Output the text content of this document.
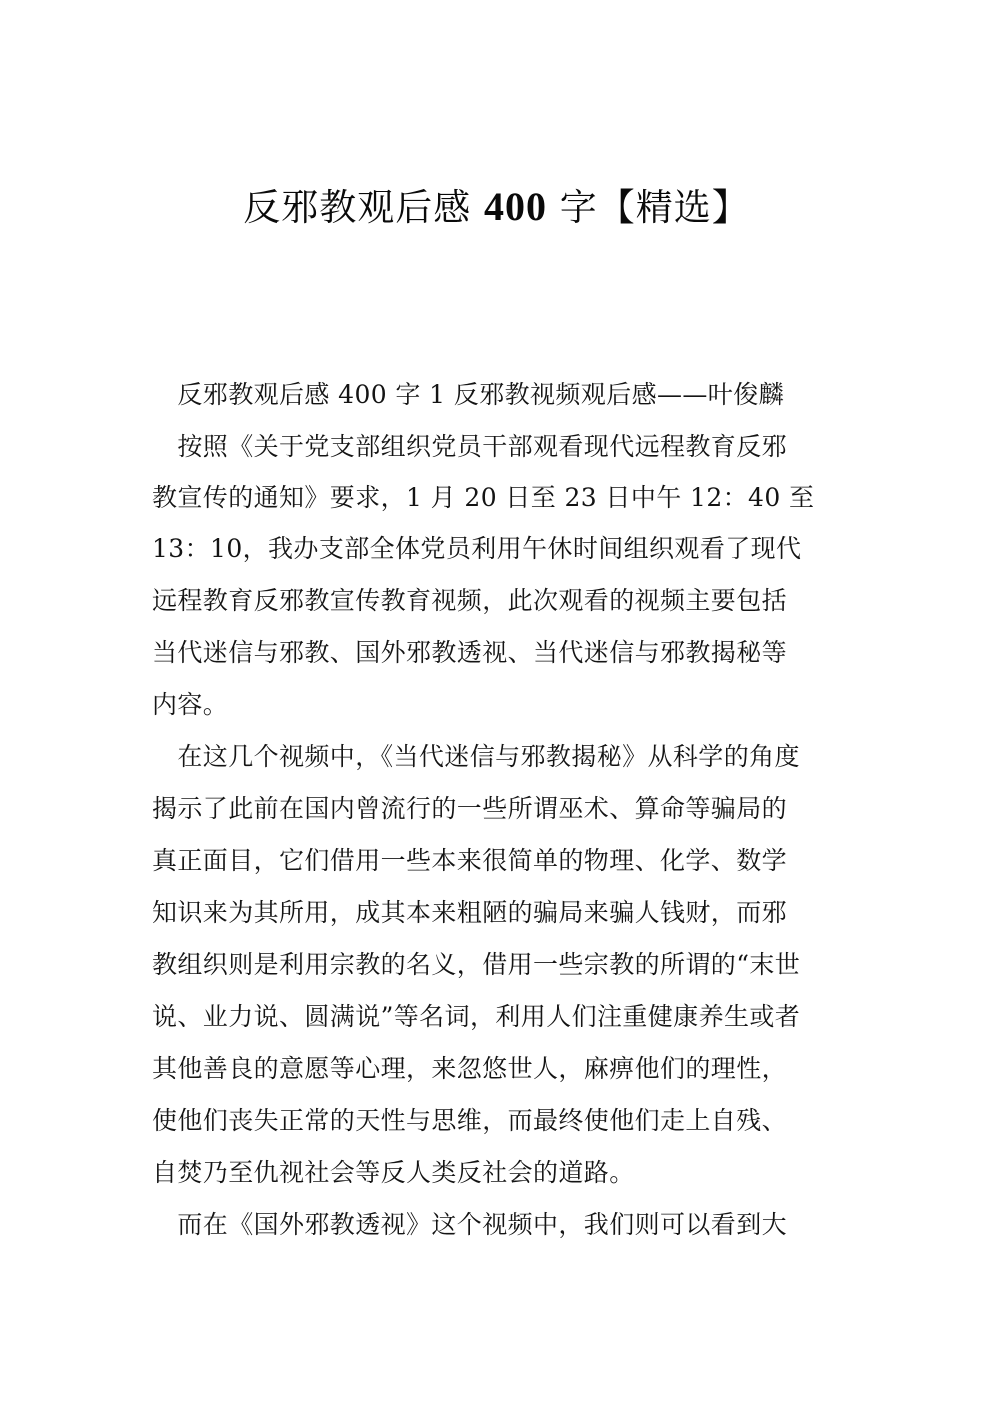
反邪教观后感 400 字【精选】
　反邪教观后感 400 字 1 反邪教视频观后感——叶俊麟
　按照《关于党支部组织党员干部观看现代远程教育反邪
教宣传的通知》要求，1 月 20 日至 23 日中午 12：40 至
13：10，我办支部全体党员利用午休时间组织观看了现代
远程教育反邪教宣传教育视频，此次观看的视频主要包括
当代迷信与邪教、国外邪教透视、当代迷信与邪教揭秘等
内容。
　在这几个视频中，《当代迷信与邪教揭秘》从科学的角度
揭示了此前在国内曾流行的一些所谓巫术、算命等骗局的
真正面目，它们借用一些本来很简单的物理、化学、数学
知识来为其所用，成其本来粗陋的骗局来骗人钱财，而邪
教组织则是利用宗教的名义，借用一些宗教的所谓的“末世
说、业力说、圆满说”等名词，利用人们注重健康养生或者
其他善良的意愿等心理，来忽悠世人，麻痹他们的理性，
使他们丧失正常的天性与思维，而最终使他们走上自残、
自焚乃至仇视社会等反人类反社会的道路。
　而在《国外邪教透视》这个视频中，我们则可以看到大
